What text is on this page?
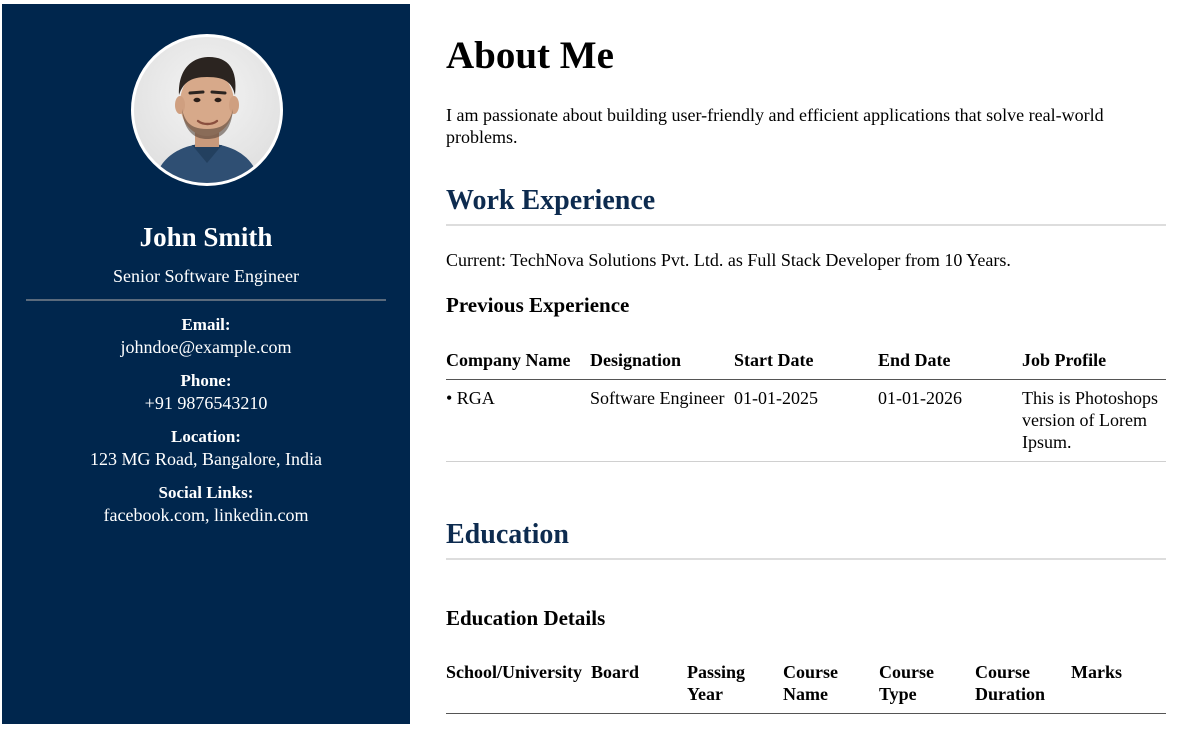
John Smith
Senior Software Engineer
Email:
johndoe@example.com
Phone:
+91 9876543210
Location:
123 MG Road, Bangalore, India
Social Links:
facebook.com, linkedin.com
About Me
I am passionate about building user-friendly and efficient applications that solve real-world problems.
Work Experience
Current: TechNova Solutions Pvt. Ltd. as Full Stack Developer from 10 Years.
Previous Experience
Company Name	Designation	Start Date	End Date	Job Profile
• RGA	Software Engineer	01-01-2025	01-01-2026	This is Photoshops version of Lorem Ipsum.
Education
Education Details
School/University	Board	Passing Year	Course Name	Course Type	Course Duration	Marks
